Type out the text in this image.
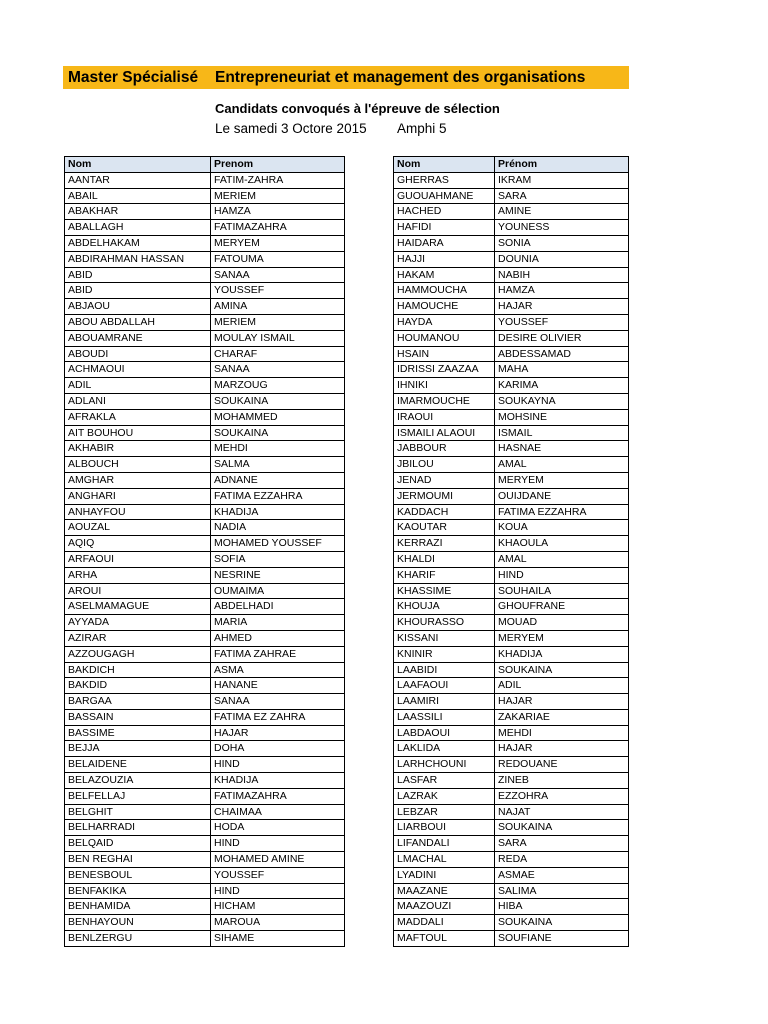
Master Spécialisé Entrepreneuriat et management des organisations
Candidats convoqués à l'épreuve de sélection
Le samedi 3 Octore 2015 Amphi 5
Nom	Prenom
AANTAR	FATIM-ZAHRA
ABAIL	MERIEM
ABAKHAR	HAMZA
ABALLAGH	FATIMAZAHRA
ABDELHAKAM	MERYEM
ABDIRAHMAN HASSAN	FATOUMA
ABID	SANAA
ABID	YOUSSEF
ABJAOU	AMINA
ABOU ABDALLAH	MERIEM
ABOUAMRANE	MOULAY ISMAIL
ABOUDI	CHARAF
ACHMAOUI	SANAA
ADIL	MARZOUG
ADLANI	SOUKAINA
AFRAKLA	MOHAMMED
AIT BOUHOU	SOUKAINA
AKHABIR	MEHDI
ALBOUCH	SALMA
AMGHAR	ADNANE
ANGHARI	FATIMA EZZAHRA
ANHAYFOU	KHADIJA
AOUZAL	NADIA
AQIQ	MOHAMED YOUSSEF
ARFAOUI	SOFIA
ARHA	NESRINE
AROUI	OUMAIMA
ASELMAMAGUE	ABDELHADI
AYYADA	MARIA
AZIRAR	AHMED
AZZOUGAGH	FATIMA ZAHRAE
BAKDICH	ASMA
BAKDID	HANANE
BARGAA	SANAA
BASSAIN	FATIMA EZ ZAHRA
BASSIME	HAJAR
BEJJA	DOHA
BELAIDENE	HIND
BELAZOUZIA	KHADIJA
BELFELLAJ	FATIMAZAHRA
BELGHIT	CHAIMAA
BELHARRADI	HODA
BELQAID	HIND
BEN REGHAI	MOHAMED AMINE
BENESBOUL	YOUSSEF
BENFAKIKA	HIND
BENHAMIDA	HICHAM
BENHAYOUN	MAROUA
BENLZERGU	SIHAME
Nom	Prénom
GHERRAS	IKRAM
GUOUAHMANE	SARA
HACHED	AMINE
HAFIDI	YOUNESS
HAIDARA	SONIA
HAJJI	DOUNIA
HAKAM	NABIH
HAMMOUCHA	HAMZA
HAMOUCHE	HAJAR
HAYDA	YOUSSEF
HOUMANOU	DESIRE OLIVIER
HSAIN	ABDESSAMAD
IDRISSI ZAAZAA	MAHA
IHNIKI	KARIMA
IMARMOUCHE	SOUKAYNA
IRAOUI	MOHSINE
ISMAILI ALAOUI	ISMAIL
JABBOUR	HASNAE
JBILOU	AMAL
JENAD	MERYEM
JERMOUMI	OUIJDANE
KADDACH	FATIMA EZZAHRA
KAOUTAR	KOUA
KERRAZI	KHAOULA
KHALDI	AMAL
KHARIF	HIND
KHASSIME	SOUHAILA
KHOUJA	GHOUFRANE
KHOURASSO	MOUAD
KISSANI	MERYEM
KNINIR	KHADIJA
LAABIDI	SOUKAINA
LAAFAOUI	ADIL
LAAMIRI	HAJAR
LAASSILI	ZAKARIAE
LABDAOUI	MEHDI
LAKLIDA	HAJAR
LARHCHOUNI	REDOUANE
LASFAR	ZINEB
LAZRAK	EZZOHRA
LEBZAR	NAJAT
LIARBOUI	SOUKAINA
LIFANDALI	SARA
LMACHAL	REDA
LYADINI	ASMAE
MAAZANE	SALIMA
MAAZOUZI	HIBA
MADDALI	SOUKAINA
MAFTOUL	SOUFIANE
